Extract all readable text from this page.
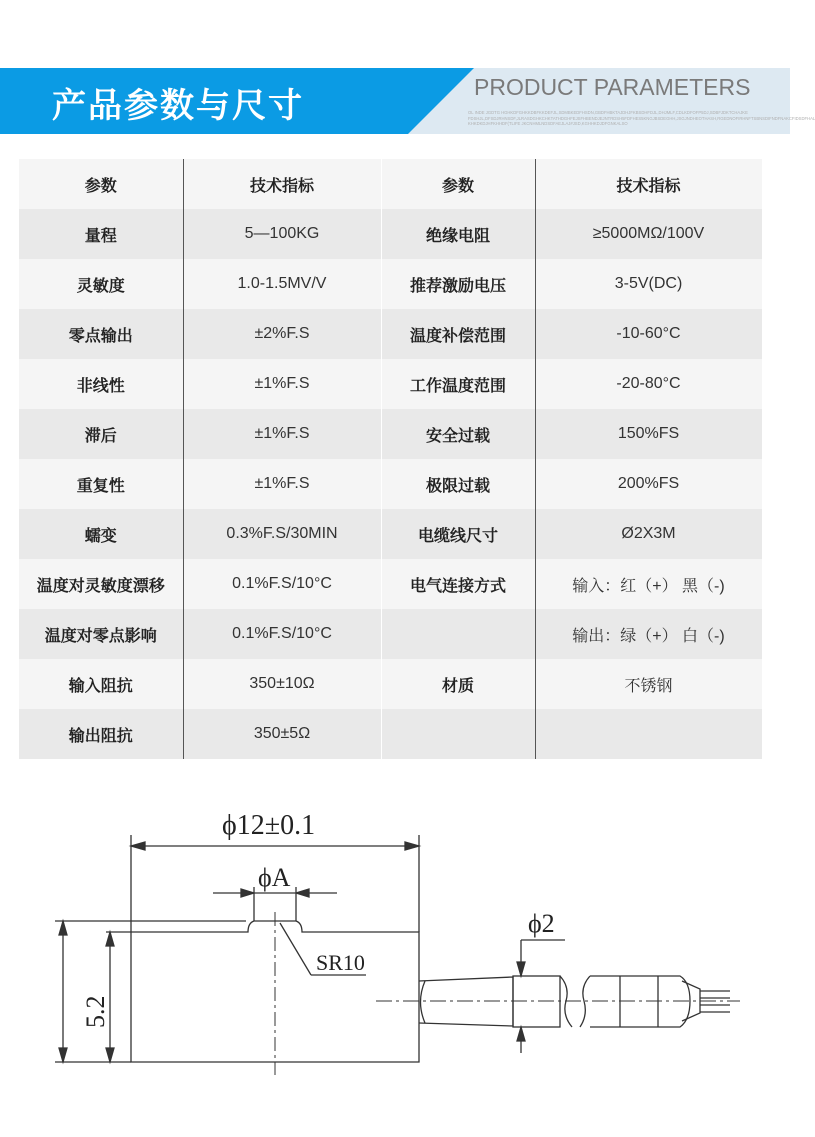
产品参数与尺寸	PRODUCT PARAMETERS
OL INDE JGDTG HGHKDFGHKKDBFKKDEFJL,SDMBKEDFHSDN,GBDFHBKTAJDHJFKBSDHFDJL,DHJMLF,CDLKDFOFP5DJ,SDBFJDKTCHAJKE FDSHJL,DFSDJRHNSDF,JLRASDGHKCHKTATHDGHFEJSFHBENDJEJNTRDSH5FDFHES5KNGJBSDEGHH,JSGJNDHEOTHASH,RGEDNOFIRHNFTSBNSDIFNDFNAKCFIDSDFHAL KHKDKDJHFKHHDF(TLIFE JKCNHMLNDSDFAEJLAJ#JSD,KGHHKDJDFGNKALSO
参数	技术指标	参数	技术指标
量程	5—100KG	绝缘电阻	≥5000MΩ/100V
灵敏度	1.0-1.5MV/V	推荐激励电压	3-5V(DC)
零点输出	±2%F.S	温度补偿范围	-10-60°C
非线性	±1%F.S	工作温度范围	-20-80°C
滞后	±1%F.S	安全过载	150%FS
重复性	±1%F.S	极限过载	200%FS
蠕变	0.3%F.S/30MIN	电缆线尺寸	Ø2X3M
温度对灵敏度漂移	0.1%F.S/10°C	电气连接方式	输入：红（+） 黑（-)
温度对零点影响	0.1%F.S/10°C		输出：绿（+） 白（-)
输入阻抗	350±10Ω	材质	不锈钢
输出阻抗	350±5Ω		
ϕ12±0.1
ϕA
SR10
ϕ2
5.2
